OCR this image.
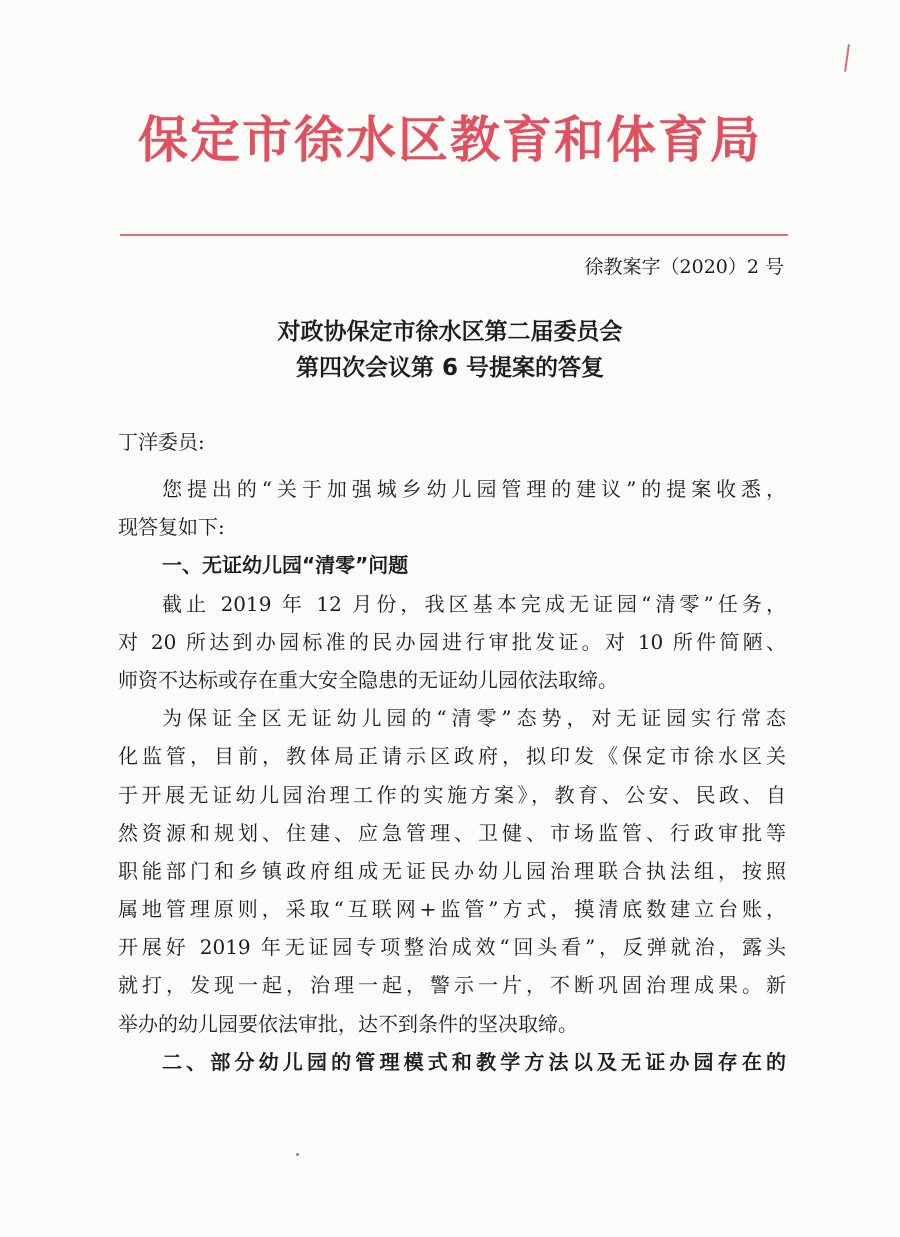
保定市徐水区教育和体育局
徐教案字（2020）2 号
对政协保定市徐水区第二届委员会
第四次会议第 6 号提案的答复
丁洋委员:
您提出的“关于加强城乡幼儿园管理的建议”的提案收悉，
现答复如下:
一、无证幼儿园“清零”问题
截止 2019 年 12 月份，我区基本完成无证园“清零”任务，
对 20 所达到办园标准的民办园进行审批发证。对 10 所件简陋、
师资不达标或存在重大安全隐患的无证幼儿园依法取缔。
为保证全区无证幼儿园的“清零”态势，对无证园实行常态
化监管，目前，教体局正请示区政府，拟印发《保定市徐水区关
于开展无证幼儿园治理工作的实施方案》，教育、公安、民政、自
然资源和规划、住建、应急管理、卫健、市场监管、行政审批等
职能部门和乡镇政府组成无证民办幼儿园治理联合执法组，按照
属地管理原则，采取“互联网+监管”方式，摸清底数建立台账，
开展好 2019 年无证园专项整治成效“回头看”，反弹就治，露头
就打，发现一起，治理一起，警示一片，不断巩固治理成果。新
举办的幼儿园要依法审批，达不到条件的坚决取缔。
二、部分幼儿园的管理模式和教学方法以及无证办园存在的
